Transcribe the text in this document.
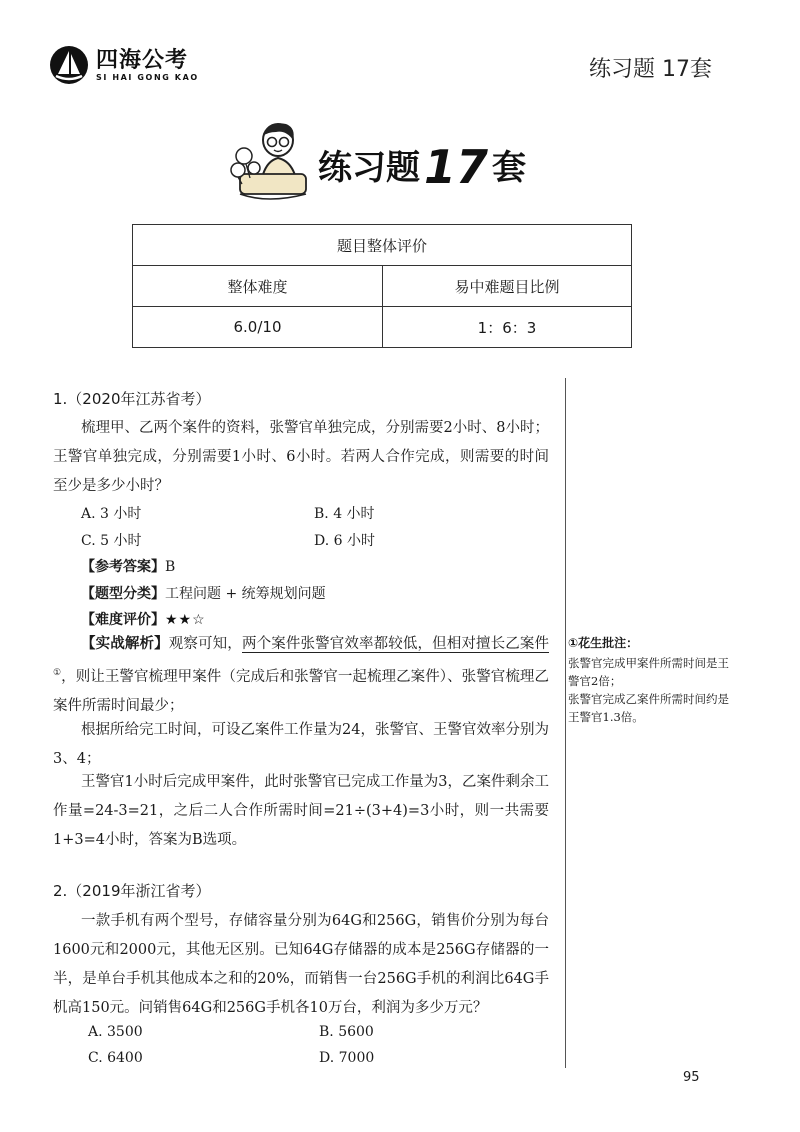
四海公考
SI HAI GONG KAO	练习题 17套
练习题17 套
题目整体评价	
整体难度	易中难题目比例
6.0/10	1：6：3
1.（2020年江苏省考）
梳理甲、乙两个案件的资料，张警官单独完成，分别需要2小时、8小时；王警官单独完成，分别需要1小时、6小时。若两人合作完成，则需要的时间至少是多少小时？
A. 3 小时	B. 4 小时
C. 5 小时	D. 6 小时
【参考答案】B
【题型分类】工程问题 + 统筹规划问题
【难度评价】★★☆
【实战解析】观察可知，两个案件张警官效率都较低，但相对擅长乙案件①，则让王警官梳理甲案件（完成后和张警官一起梳理乙案件）、张警官梳理乙案件所需时间最少；
根据所给完工时间，可设乙案件工作量为24，张警官、王警官效率分别为3、4；
王警官1小时后完成甲案件，此时张警官已完成工作量为3，乙案件剩余工作量=24-3=21，之后二人合作所需时间=21÷(3+4)=3小时，则一共需要1+3=4小时，答案为B选项。
①花生批注：
张警官完成甲案件所需时间是王警官2倍；
张警官完成乙案件所需时间约是王警官1.3倍。
2.（2019年浙江省考）
一款手机有两个型号，存储容量分别为64G和256G，销售价分别为每台1600元和2000元，其他无区别。已知64G存储器的成本是256G存储器的一半，是单台手机其他成本之和的20%，而销售一台256G手机的利润比64G手机高150元。问销售64G和256G手机各10万台，利润为多少万元？
A. 3500	B. 5600
C. 6400	D. 7000
95
